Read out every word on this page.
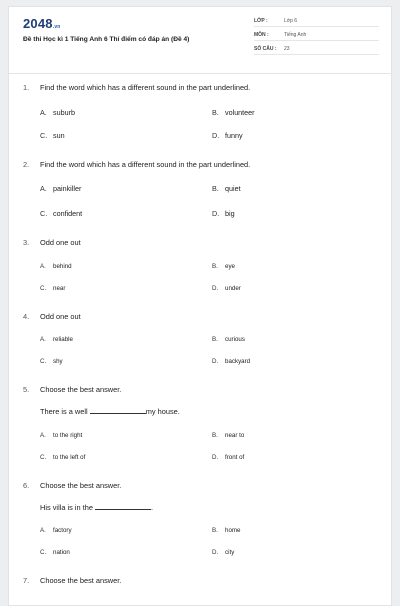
2048.vn
Đề thi Học kì 1 Tiếng Anh 6 Thí điểm có đáp án (Đề 4)
LỚP :	Lớp 6
MÔN :	Tiếng Anh
SỐ CÂU : 23
1. Find the word which has a different sound in the part underlined.
A. suburb	B. volunteer
C. sun	D. funny
2. Find the word which has a different sound in the part underlined.
A. painkiller	B. quiet
C. confident	D. big
3. Odd one out
A. behind	B. eye
C. near	D. under
4. Odd one out
A. reliable	B. curious
C. shy	D. backyard
5. Choose the best answer.
There is a well	my house.
A. to the right	B. near to
C. to the left of	D. front of
6. Choose the best answer.
His villa is in the	.
A. factory	B. home
C. nation	D. city
7. Choose the best answer.
